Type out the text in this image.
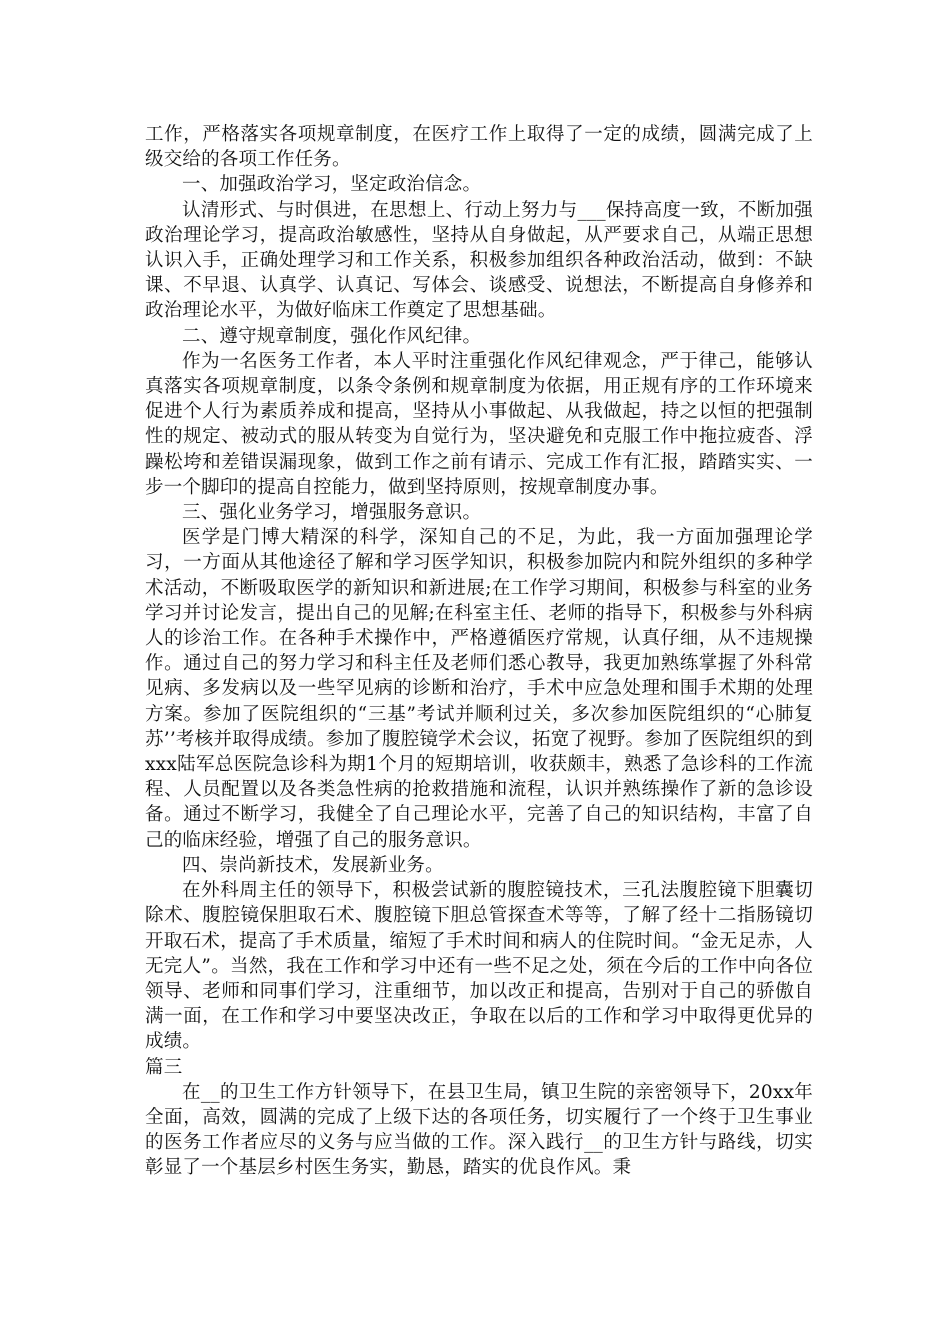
工作，严格落实各项规章制度，在医疗工作上取得了一定的成绩，圆满完成了上级交给的各项工作任务。

一、加强政治学习，坚定政治信念。

认清形式、与时俱进，在思想上、行动上努力与___保持高度一致，不断加强政治理论学习，提高政治敏感性，坚持从自身做起，从严要求自己，从端正思想认识入手，正确处理学习和工作关系，积极参加组织各种政治活动，做到：不缺课、不早退、认真学、认真记、写体会、谈感受、说想法，不断提高自身修养和政治理论水平，为做好临床工作奠定了思想基础。

二、遵守规章制度，强化作风纪律。

作为一名医务工作者，本人平时注重强化作风纪律观念，严于律己，能够认真落实各项规章制度，以条令条例和规章制度为依据，用正规有序的工作环境来促进个人行为素质养成和提高，坚持从小事做起、从我做起，持之以恒的把强制性的规定、被动式的服从转变为自觉行为，坚决避免和克服工作中拖拉疲沓、浮躁松垮和差错误漏现象，做到工作之前有请示、完成工作有汇报，踏踏实实、一步一个脚印的提高自控能力，做到坚持原则，按规章制度办事。

三、强化业务学习，增强服务意识。

医学是门博大精深的科学，深知自己的不足，为此，我一方面加强理论学习，一方面从其他途径了解和学习医学知识，积极参加院内和院外组织的多种学术活动，不断吸取医学的新知识和新进展;在工作学习期间，积极参与科室的业务学习并讨论发言，提出自己的见解;在科室主任、老师的指导下，积极参与外科病人的诊治工作。在各种手术操作中，严格遵循医疗常规，认真仔细，从不违规操作。通过自己的努力学习和科主任及老师们悉心教导，我更加熟练掌握了外科常见病、多发病以及一些罕见病的诊断和治疗，手术中应急处理和围手术期的处理方案。参加了医院组织的“三基”考试并顺利过关，多次参加医院组织的“心肺复苏’’考核并取得成绩。参加了腹腔镜学术会议，拓宽了视野。参加了医院组织的到xxx陆军总医院急诊科为期1个月的短期培训，收获颇丰，熟悉了急诊科的工作流程、人员配置以及各类急性病的抢救措施和流程，认识并熟练操作了新的急诊设备。通过不断学习，我健全了自己理论水平，完善了自己的知识结构，丰富了自己的临床经验，增强了自己的服务意识。

四、崇尚新技术，发展新业务。

在外科周主任的领导下，积极尝试新的腹腔镜技术，三孔法腹腔镜下胆囊切除术、腹腔镜保胆取石术、腹腔镜下胆总管探查术等等，了解了经十二指肠镜切开取石术，提高了手术质量，缩短了手术时间和病人的住院时间。“金无足赤，人无完人”。当然，我在工作和学习中还有一些不足之处，须在今后的工作中向各位领导、老师和同事们学习，注重细节，加以改正和提高，告别对于自己的骄傲自满一面，在工作和学习中要坚决改正，争取在以后的工作和学习中取得更优异的成绩。

篇三

在__的卫生工作方针领导下，在县卫生局，镇卫生院的亲密领导下，20xx年全面，高效，圆满的完成了上级下达的各项任务，切实履行了一个终于卫生事业的医务工作者应尽的义务与应当做的工作。深入践行__的卫生方针与路线，切实彰显了一个基层乡村医生务实，勤恳，踏实的优良作风。秉
